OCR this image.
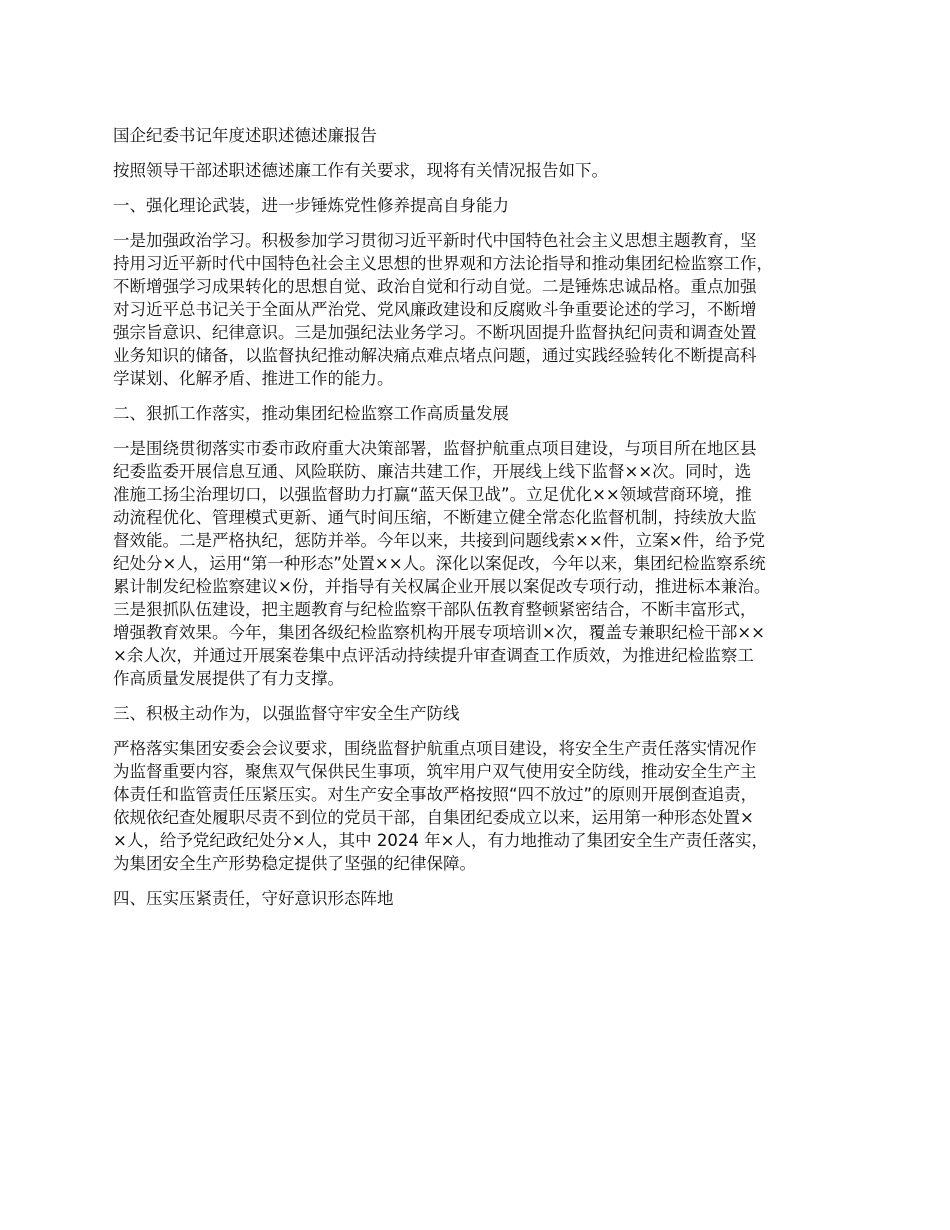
国企纪委书记年度述职述德述廉报告

按照领导干部述职述德述廉工作有关要求，现将有关情况报告如下。

一、强化理论武装，进一步锤炼党性修养提高自身能力

一是加强政治学习。积极参加学习贯彻习近平新时代中国特色社会主义思想主题教育，坚

持用习近平新时代中国特色社会主义思想的世界观和方法论指导和推动集团纪检监察工作，

不断增强学习成果转化的思想自觉、政治自觉和行动自觉。二是锤炼忠诚品格。重点加强

对习近平总书记关于全面从严治党、党风廉政建设和反腐败斗争重要论述的学习，不断增

强宗旨意识、纪律意识。三是加强纪法业务学习。不断巩固提升监督执纪问责和调查处置

业务知识的储备，以监督执纪推动解决痛点难点堵点问题，通过实践经验转化不断提高科

学谋划、化解矛盾、推进工作的能力。

二、狠抓工作落实，推动集团纪检监察工作高质量发展

一是围绕贯彻落实市委市政府重大决策部署，监督护航重点项目建设，与项目所在地区县

纪委监委开展信息互通、风险联防、廉洁共建工作，开展线上线下监督××次。同时，选

准施工扬尘治理切口，以强监督助力打赢“蓝天保卫战”。立足优化××领域营商环境，推

动流程优化、管理模式更新、通气时间压缩，不断建立健全常态化监督机制，持续放大监

督效能。二是严格执纪，惩防并举。今年以来，共接到问题线索××件，立案×件，给予党

纪处分×人，运用“第一种形态”处置××人。深化以案促改，今年以来，集团纪检监察系统

累计制发纪检监察建议×份，并指导有关权属企业开展以案促改专项行动，推进标本兼治。

三是狠抓队伍建设，把主题教育与纪检监察干部队伍教育整顿紧密结合，不断丰富形式，

增强教育效果。今年，集团各级纪检监察机构开展专项培训×次，覆盖专兼职纪检干部××

×余人次，并通过开展案卷集中点评活动持续提升审查调查工作质效，为推进纪检监察工

作高质量发展提供了有力支撑。

三、积极主动作为，以强监督守牢安全生产防线

严格落实集团安委会会议要求，围绕监督护航重点项目建设，将安全生产责任落实情况作

为监督重要内容，聚焦双气保供民生事项，筑牢用户双气使用安全防线，推动安全生产主

体责任和监管责任压紧压实。对生产安全事故严格按照“四不放过”的原则开展倒查追责，

依规依纪查处履职尽责不到位的党员干部，自集团纪委成立以来，运用第一种形态处置×

×人，给予党纪政纪处分×人，其中 2024 年×人，有力地推动了集团安全生产责任落实，

为集团安全生产形势稳定提供了坚强的纪律保障。

四、压实压紧责任，守好意识形态阵地
